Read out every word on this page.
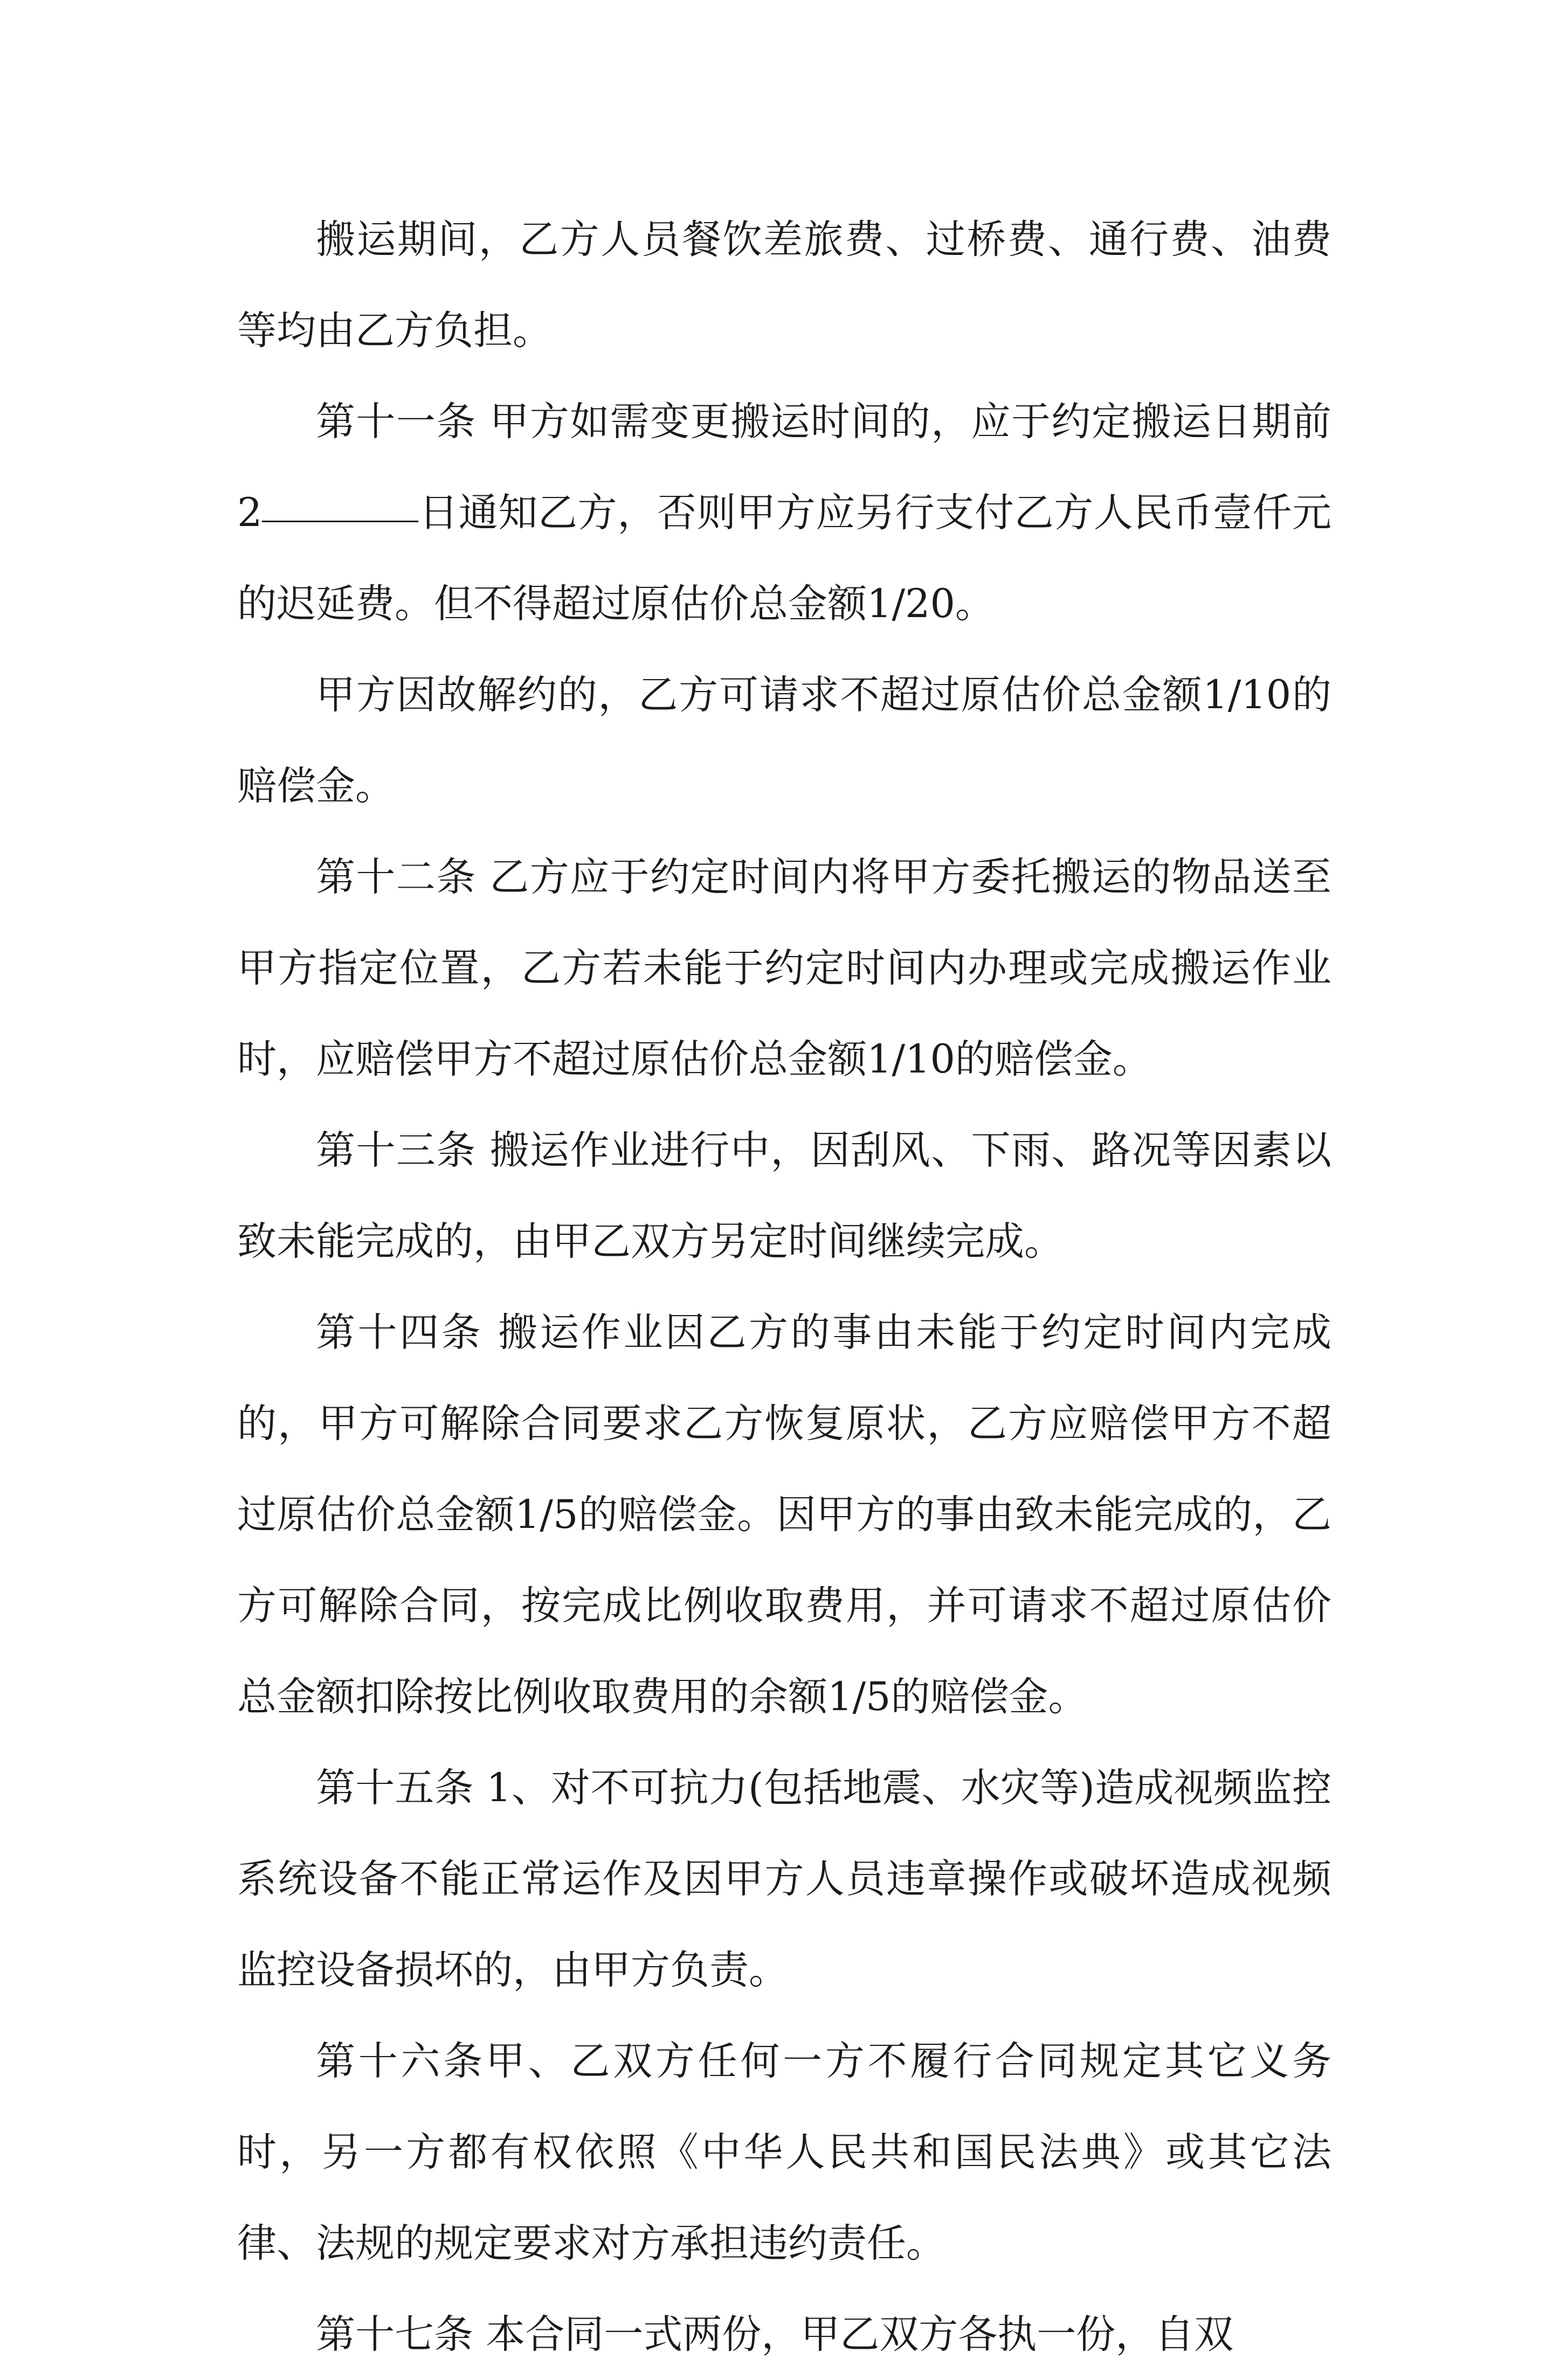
搬运期间，乙方人员餐饮差旅费、过桥费、通行费、油费等均由乙方负担。

第十一条 甲方如需变更搬运时间的，应于约定搬运日期前 2	日通知乙方，否则甲方应另行支付乙方人民币壹仟元的迟延费。但不得超过原估价总金额1/20。

甲方因故解约的，乙方可请求不超过原估价总金额1/10的赔偿金。

第十二条 乙方应于约定时间内将甲方委托搬运的物品送至甲方指定位置，乙方若未能于约定时间内办理或完成搬运作业时，应赔偿甲方不超过原估价总金额1/10的赔偿金。

第十三条 搬运作业进行中，因刮风、下雨、路况等因素以致未能完成的，由甲乙双方另定时间继续完成。

第十四条 搬运作业因乙方的事由未能于约定时间内完成的，甲方可解除合同要求乙方恢复原状，乙方应赔偿甲方不超过原估价总金额1/5的赔偿金。因甲方的事由致未能完成的，乙方可解除合同，按完成比例收取费用，并可请求不超过原估价总金额扣除按比例收取费用的余额1/5的赔偿金。

第十五条 1、对不可抗力(包括地震、水灾等)造成视频监控系统设备不能正常运作及因甲方人员违章操作或破坏造成视频监控设备损坏的，由甲方负责。

第十六条甲、乙双方任何一方不履行合同规定其它义务时，另一方都有权依照《中华人民共和国民法典》或其它法律、法规的规定要求对方承担违约责任。

第十七条 本合同一式两份，甲乙双方各执一份，自双
